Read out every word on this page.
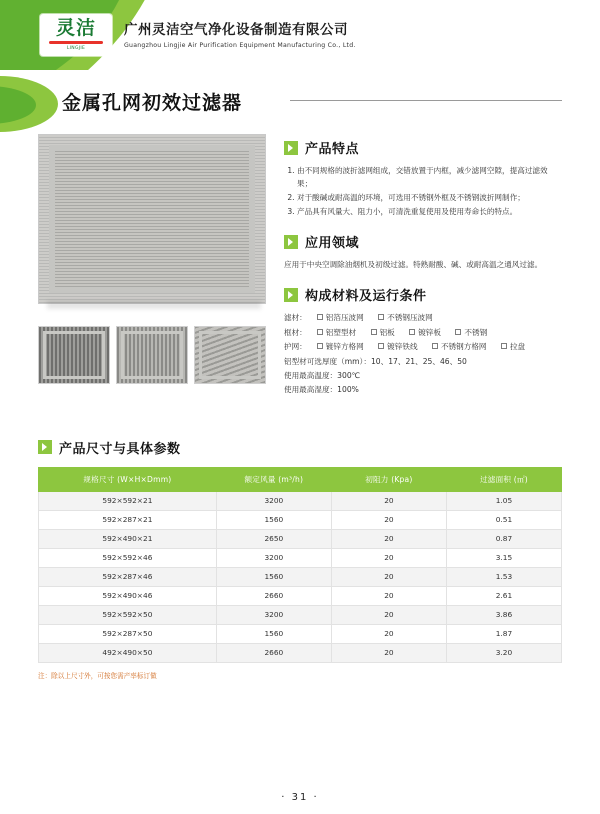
灵洁
LINGJIE
广州灵洁空气净化设备制造有限公司
Guangzhou Lingjie Air Purification Equipment Manufacturing Co., Ltd.
金属孔网初效过滤器
产品特点
1. 由不同规格的波折滤网组成，交错放置于内框，减少滤网空隙，提高过滤效果；
2. 对于酸碱或耐高温的环境，可选用不锈钢外框及不锈钢波折网制作；
3. 产品具有风量大、阻力小，可清洗重复使用及使用寿命长的特点。
应用领域
应用于中央空调除油烟机及初级过滤。特熟耐酸、碱、或耐高温之通风过滤。
构成材料及运行条件
滤材：	铝箔压波网	不锈钢压波网
框材：	铝塑型材	铝板	镀锌板	不锈钢
护网：	镀锌方格网	镀锌铁线	不锈钢方格网	拉盘
铝型材可选厚度（mm）：10、17、21、25、46、50
使用最高温度：300℃
使用最高湿度：100%
产品尺寸与具体参数
规格尺寸 (W×H×Dmm)	额定风量 (m³/h)	初阻力 (Kpa)	过滤面积 (㎡)
592×592×21	3200	20	1.05
592×287×21	1560	20	0.51
592×490×21	2650	20	0.87
592×592×46	3200	20	3.15
592×287×46	1560	20	1.53
592×490×46	2660	20	2.61
592×592×50	3200	20	3.86
592×287×50	1560	20	1.87
492×490×50	2660	20	3.20
注：除以上尺寸外，可按您需产率标订做
· 31 ·
